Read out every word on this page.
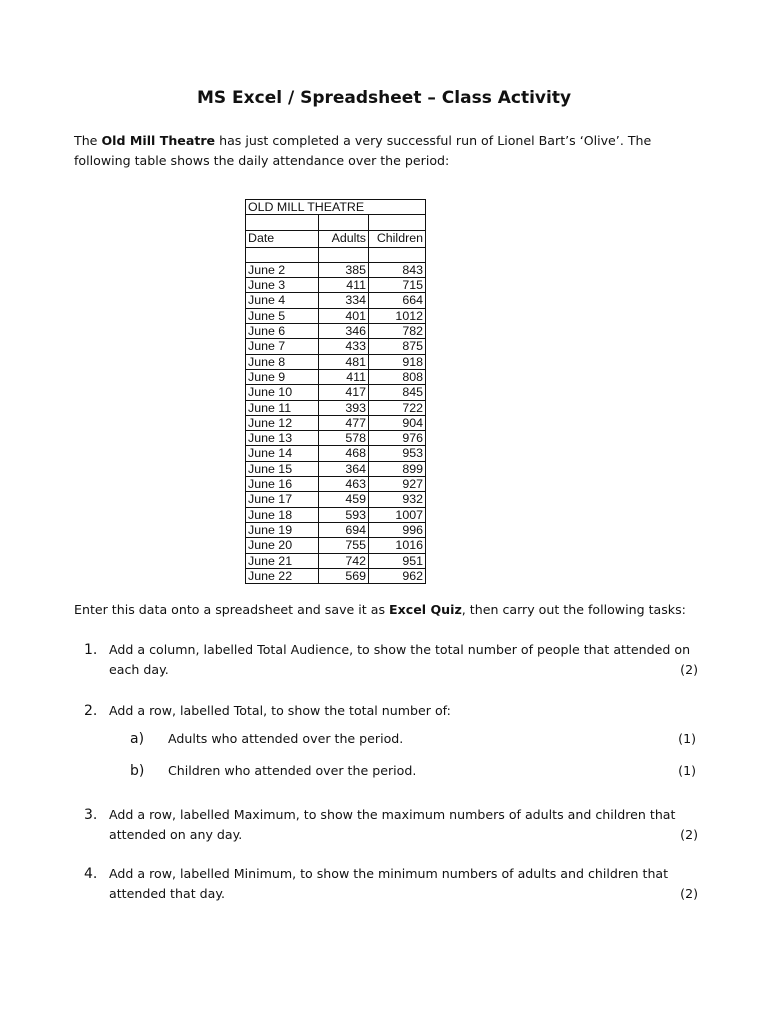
MS Excel / Spreadsheet – Class Activity
The Old Mill Theatre has just completed a very successful run of Lionel Bart’s ‘Olive’. The following table shows the daily attendance over the period:
OLD MILL THEATRE		

Date	Adults	Children

June 2	385	843
June 3	411	715
June 4	334	664
June 5	401	1012
June 6	346	782
June 7	433	875
June 8	481	918
June 9	411	808
June 10	417	845
June 11	393	722
June 12	477	904
June 13	578	976
June 14	468	953
June 15	364	899
June 16	463	927
June 17	459	932
June 18	593	1007
June 19	694	996
June 20	755	1016
June 21	742	951
June 22	569	962
Enter this data onto a spreadsheet and save it as Excel Quiz, then carry out the following tasks:
1. Add a column, labelled Total Audience, to show the total number of people that attended on each day.	(2)
2. Add a row, labelled Total, to show the total number of:
a) Adults who attended over the period.	(1)
b) Children who attended over the period.	(1)
3. Add a row, labelled Maximum, to show the maximum numbers of adults and children that attended on any day.	(2)
4. Add a row, labelled Minimum, to show the minimum numbers of adults and children that attended that day.	(2)
